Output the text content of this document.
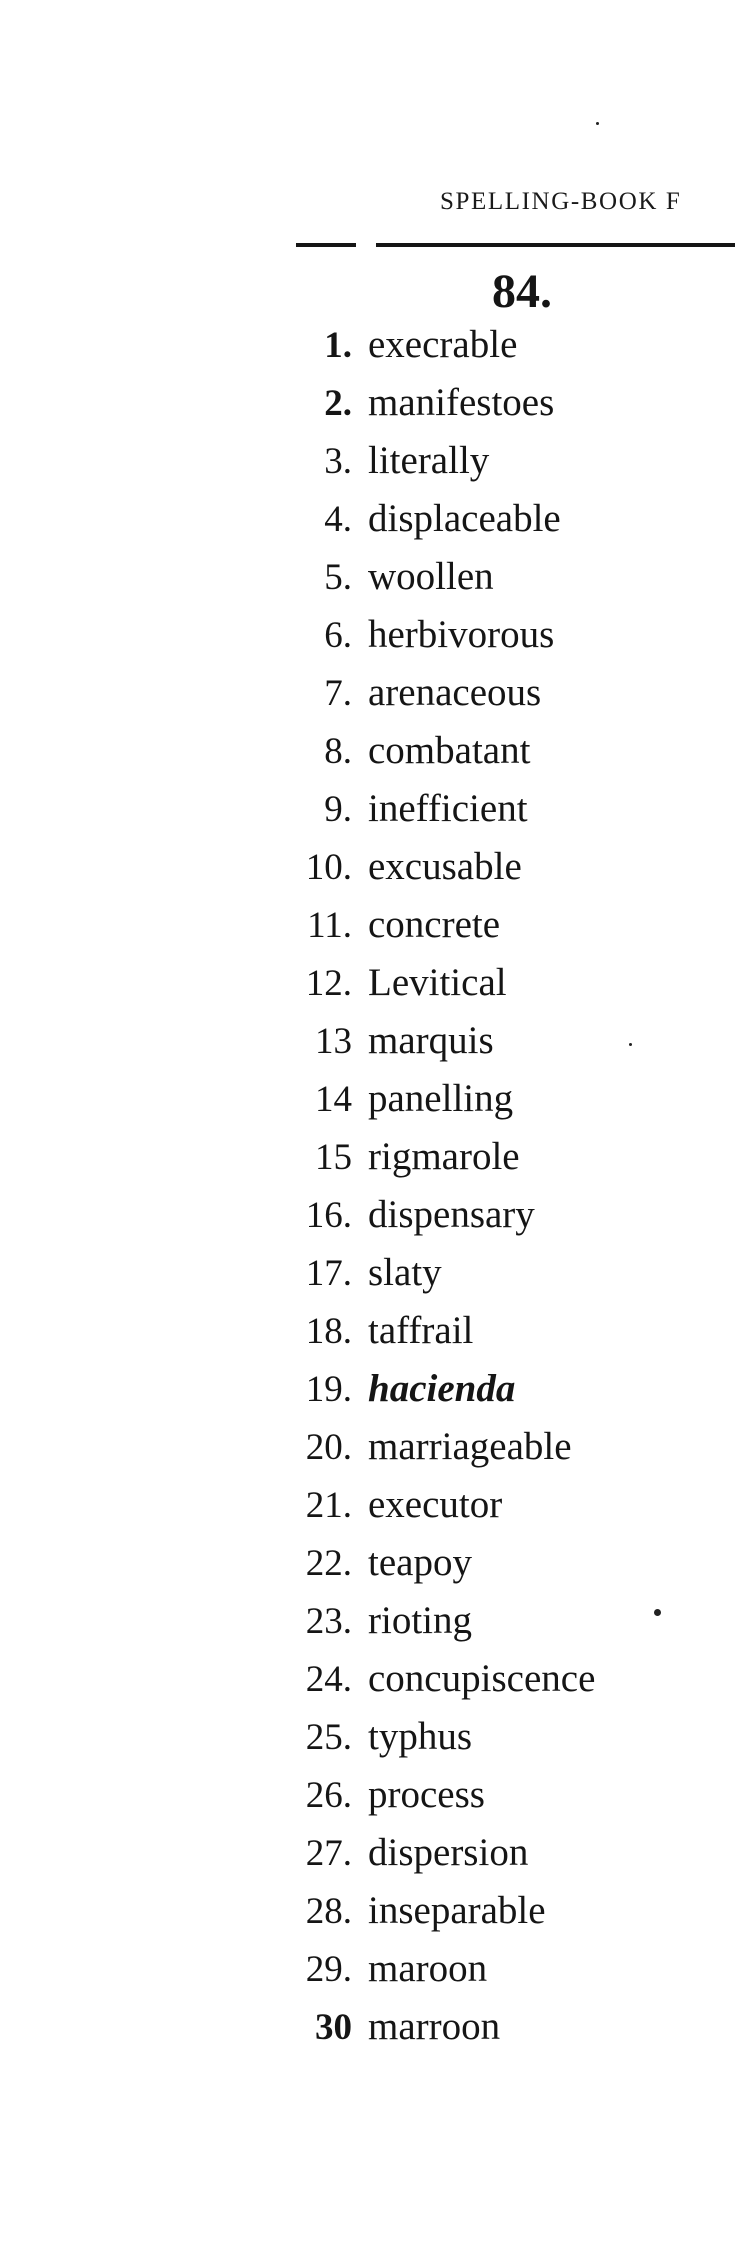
SPELLING-BOOK F
84.
1. execrable
2. manifestoes
3. literally
4. displaceable
5. woollen
6. herbivorous
7. arenaceous
8. combatant
9. inefficient
10. excusable
11. concrete
12. Levitical
13 marquis
14 panelling
15 rigmarole
16. dispensary
17. slaty
18. taffrail
19. hacienda
20. marriageable
21. executor
22. teapoy
23. rioting
24. concupiscence
25. typhus
26. process
27. dispersion
28. inseparable
29. maroon
30 marroon
